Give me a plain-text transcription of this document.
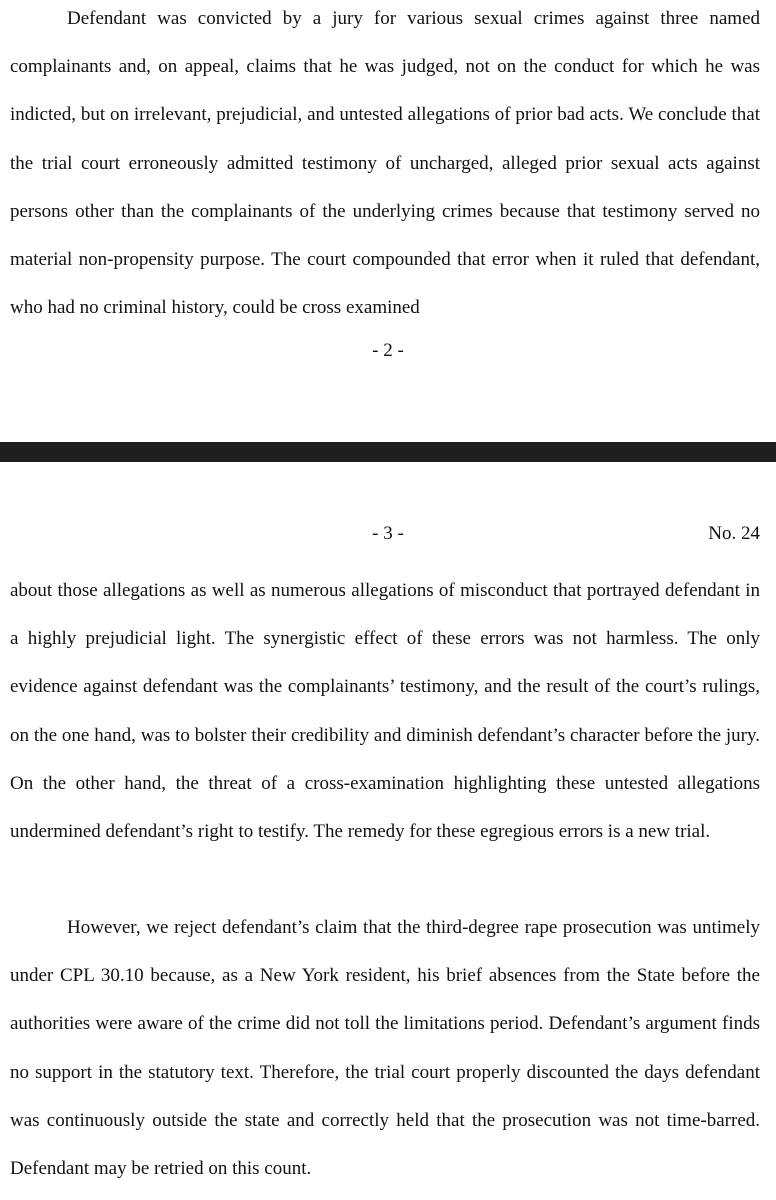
Defendant was convicted by a jury for various sexual crimes against three named complainants and, on appeal, claims that he was judged, not on the conduct for which he was indicted, but on irrelevant, prejudicial, and untested allegations of prior bad acts. We conclude that the trial court erroneously admitted testimony of uncharged, alleged prior sexual acts against persons other than the complainants of the underlying crimes because that testimony served no material non-propensity purpose. The court compounded that error when it ruled that defendant, who had no criminal history, could be cross examined

- 2 -
- 3 -	No. 24

about those allegations as well as numerous allegations of misconduct that portrayed defendant in a highly prejudicial light. The synergistic effect of these errors was not harmless. The only evidence against defendant was the complainants’ testimony, and the result of the court’s rulings, on the one hand, was to bolster their credibility and diminish defendant’s character before the jury. On the other hand, the threat of a cross-examination highlighting these untested allegations undermined defendant’s right to testify. The remedy for these egregious errors is a new trial.

However, we reject defendant’s claim that the third-degree rape prosecution was untimely under CPL 30.10 because, as a New York resident, his brief absences from the State before the authorities were aware of the crime did not toll the limitations period. Defendant’s argument finds no support in the statutory text. Therefore, the trial court properly discounted the days defendant was continuously outside the state and correctly held that the prosecution was not time-barred. Defendant may be retried on this count.
